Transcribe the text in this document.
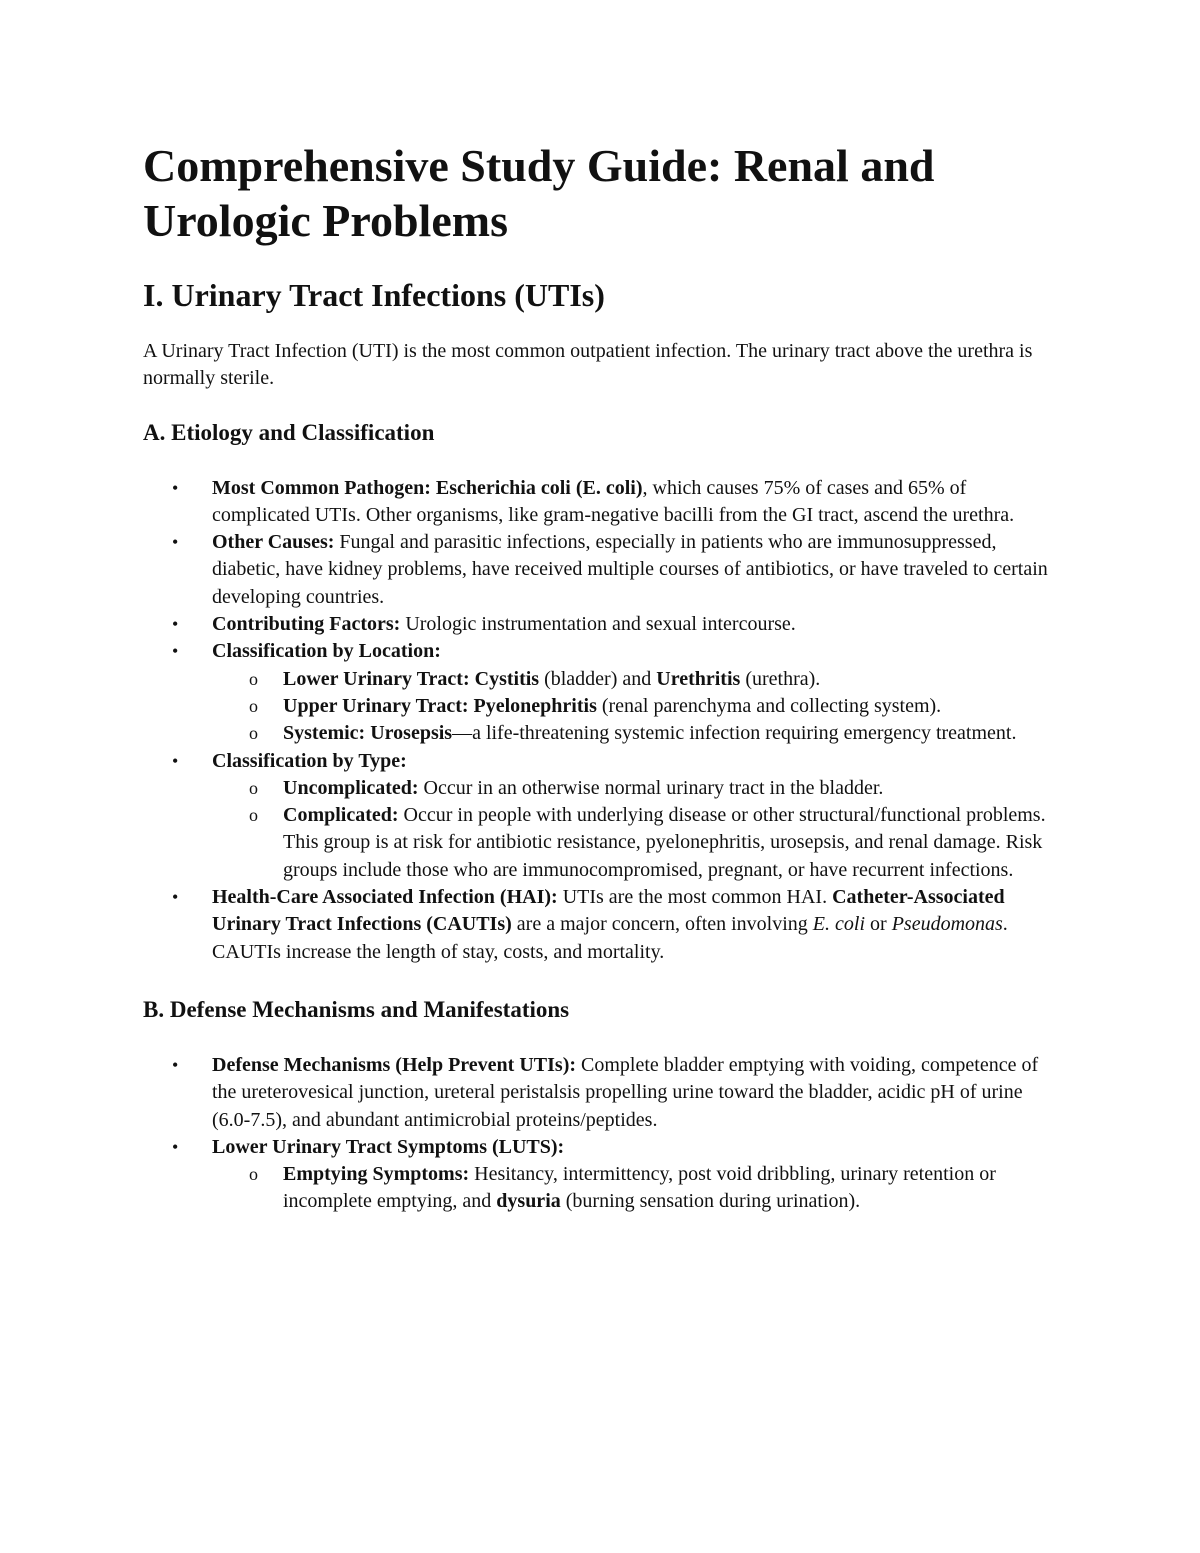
Comprehensive Study Guide: Renal and Urologic Problems
I. Urinary Tract Infections (UTIs)

A Urinary Tract Infection (UTI) is the most common outpatient infection. The urinary tract above the urethra is normally sterile.

A. Etiology and Classification
• Most Common Pathogen: Escherichia coli (E. coli), which causes 75% of cases and 65% of complicated UTIs. Other organisms, like gram-negative bacilli from the GI tract, ascend the urethra.
• Other Causes: Fungal and parasitic infections, especially in patients who are immunosuppressed, diabetic, have kidney problems, have received multiple courses of antibiotics, or have traveled to certain developing countries.
• Contributing Factors: Urologic instrumentation and sexual intercourse.
• Classification by Location:
o Lower Urinary Tract: Cystitis (bladder) and Urethritis (urethra).
o Upper Urinary Tract: Pyelonephritis (renal parenchyma and collecting system).
o Systemic: Urosepsis—a life-threatening systemic infection requiring emergency treatment.
• Classification by Type:
o Uncomplicated: Occur in an otherwise normal urinary tract in the bladder.
o Complicated: Occur in people with underlying disease or other structural/functional problems. This group is at risk for antibiotic resistance, pyelonephritis, urosepsis, and renal damage. Risk groups include those who are immunocompromised, pregnant, or have recurrent infections.
• Health-Care Associated Infection (HAI): UTIs are the most common HAI. Catheter-Associated Urinary Tract Infections (CAUTIs) are a major concern, often involving E. coli or Pseudomonas. CAUTIs increase the length of stay, costs, and mortality.
B. Defense Mechanisms and Manifestations
• Defense Mechanisms (Help Prevent UTIs): Complete bladder emptying with voiding, competence of the ureterovesical junction, ureteral peristalsis propelling urine toward the bladder, acidic pH of urine (6.0-7.5), and abundant antimicrobial proteins/peptides.
• Lower Urinary Tract Symptoms (LUTS):
o Emptying Symptoms: Hesitancy, intermittency, post void dribbling, urinary retention or incomplete emptying, and dysuria (burning sensation during urination).
